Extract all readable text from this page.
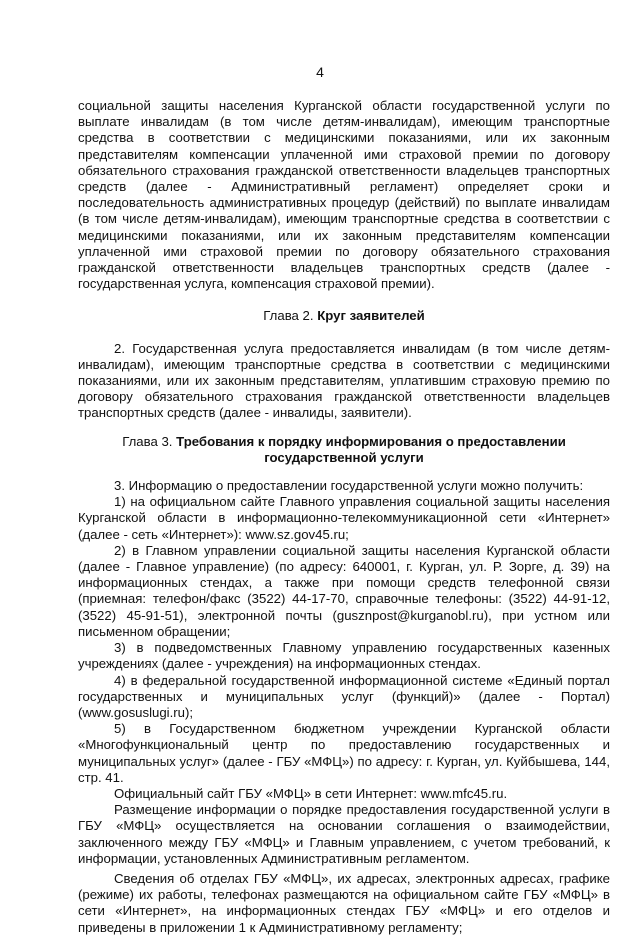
4

социальной защиты населения Курганской области государственной услуги по выплате инвалидам (в том числе детям-инвалидам), имеющим транспортные средства в соответствии с медицинскими показаниями, или их законным представителям компенсации уплаченной ими страховой премии по договору обязательного страхования гражданской ответственности владельцев транспортных средств (далее - Административный регламент) определяет сроки и последовательность административных процедур (действий) по выплате инвалидам (в том числе детям-инвалидам), имеющим транспортные средства в соответствии с медицинскими показаниями, или их законным представителям компенсации уплаченной ими страховой премии по договору обязательного страхования гражданской ответственности владельцев транспортных средств (далее - государственная услуга, компенсация страховой премии).

Глава 2. Круг заявителей

2. Государственная услуга предоставляется инвалидам (в том числе детям-инвалидам), имеющим транспортные средства в соответствии с медицинскими показаниями, или их законным представителям, уплатившим страховую премию по договору обязательного страхования гражданской ответственности владельцев транспортных средств (далее - инвалиды, заявители).

Глава 3. Требования к порядку информирования о предоставлении государственной услуги

3. Информацию о предоставлении государственной услуги можно получить:

1) на официальном сайте Главного управления социальной защиты населения Курганской области в информационно-телекоммуникационной сети «Интернет» (далее - сеть «Интернет»): www.sz.gov45.ru;

2) в Главном управлении социальной защиты населения Курганской области (далее - Главное управление) (по адресу: 640001, г. Курган, ул. Р. Зорге, д. 39) на информационных стендах, а также при помощи средств телефонной связи (приемная: телефон/факс (3522) 44-17-70, справочные телефоны: (3522) 44-91-12, (3522) 45-91-51), электронной почты (gusznpost@kurganobl.ru), при устном или письменном обращении;

3) в подведомственных Главному управлению государственных казенных учреждениях (далее - учреждения) на информационных стендах.

4) в федеральной государственной информационной системе «Единый портал государственных и муниципальных услуг (функций)» (далее - Портал) (www.gosuslugi.ru);

5) в Государственном бюджетном учреждении Курганской области «Многофункциональный центр по предоставлению государственных и муниципальных услуг» (далее - ГБУ «МФЦ») по адресу: г. Курган, ул. Куйбышева, 144, стр. 41.

Официальный сайт ГБУ «МФЦ» в сети Интернет: www.mfc45.ru.

Размещение информации о порядке предоставления государственной услуги в ГБУ «МФЦ» осуществляется на основании соглашения о взаимодействии, заключенного между ГБУ «МФЦ» и Главным управлением, с учетом требований, к информации, установленных Административным регламентом.

Сведения об отделах ГБУ «МФЦ», их адресах, электронных адресах, графике (режиме) их работы, телефонах размещаются на официальном сайте ГБУ «МФЦ» в сети «Интернет», на информационных стендах ГБУ «МФЦ» и его отделов и приведены в приложении 1 к Административному регламенту;
